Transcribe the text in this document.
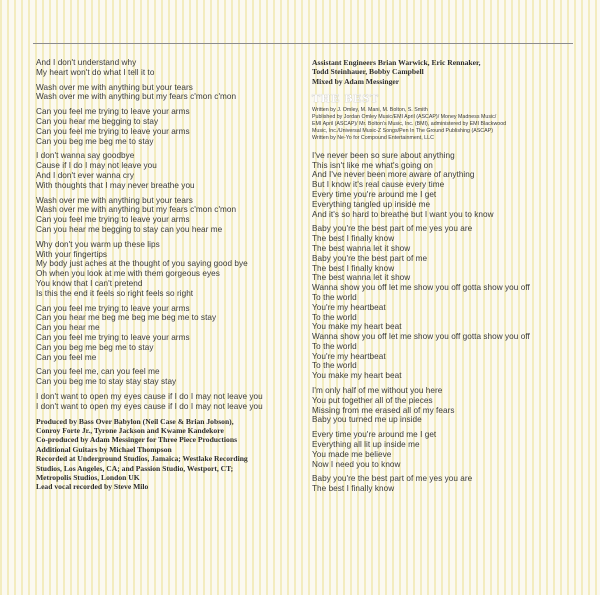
And I don't understand why
My heart won't do what I tell it to
Wash over me with anything but your tears
Wash over me with anything but my fears c'mon c'mon
Can you feel me trying to leave your arms
Can you hear me begging to stay
Can you feel me trying to leave your arms
Can you beg me beg me to stay
I don't wanna say goodbye
Cause if I do I may not leave you
And I don't ever wanna cry
With thoughts that I may never breathe you
Wash over me with anything but your tears
Wash over me with anything but my fears c'mon c'mon
Can you feel me trying to leave your arms
Can you hear me begging to stay can you hear me
Why don't you warm up these lips
With your fingertips
My body just aches at the thought of you saying good bye
Oh when you look at me with them gorgeous eyes
You know that I can't pretend
Is this the end it feels so right feels so right
Can you feel me trying to leave your arms
Can you hear me beg me beg me beg me to stay
Can you hear me
Can you feel me trying to leave your arms
Can you beg me beg me to stay
Can you feel me
Can you feel me, can you feel me
Can you beg me to stay stay stay stay
I don't want to open my eyes cause if I do I may not leave you
I don't want to open my eyes cause if I do I may not leave you
Produced by Bass Over Babylon (Neil Case & Brian Jobson),
Conroy Forte Jr., Tyrone Jackson and Kwame Kandekore
Co-produced by Adam Messinger for Three Piece Productions
Additional Guitars by Michael Thompson
Recorded at Underground Studios, Jamaica; Westlake Recording
Studios, Los Angeles, CA; and Passion Studio, Westport, CT;
Metropolis Studios, London UK
Lead vocal recorded by Steve Milo
Assistant Engineers Brian Warwick, Eric Rennaker,
Todd Steinhauer, Bobby Campbell
Mixed by Adam Messinger
THE BEST
Written by J. Omley, M. Mani, M. Bolton, S. Smith
Published by Jordan Omley Music/EMI April (ASCAP)/ Money Madness Music/
EMI April (ASCAP)/ Mr. Bolton's Music, Inc. (BMI), administered by EMI Blackwood
Music, Inc./Universal Music-Z Songs/Pen In The Ground Publishing (ASCAP)
Written by Ne-Yo for Compound Entertainment, LLC
I've never been so sure about anything
This isn't like me what's going on
And I've never been more aware of anything
But I know it's real cause every time
Every time you're around me I get
Everything tangled up inside me
And it's so hard to breathe but I want you to know
Baby you're the best part of me yes you are
The best I finally know
The best wanna let it show
Baby you're the best part of me
The best I finally know
The best wanna let it show
Wanna show you off let me show you off gotta show you off
To the world
You're my heartbeat
To the world
You make my heart beat
Wanna show you off let me show you off gotta show you off
To the world
You're my heartbeat
To the world
You make my heart beat
I'm only half of me without you here
You put together all of the pieces
Missing from me erased all of my fears
Baby you turned me up inside
Every time you're around me I get
Everything all lit up inside me
You made me believe
Now I need you to know
Baby you're the best part of me yes you are
The best I finally know
